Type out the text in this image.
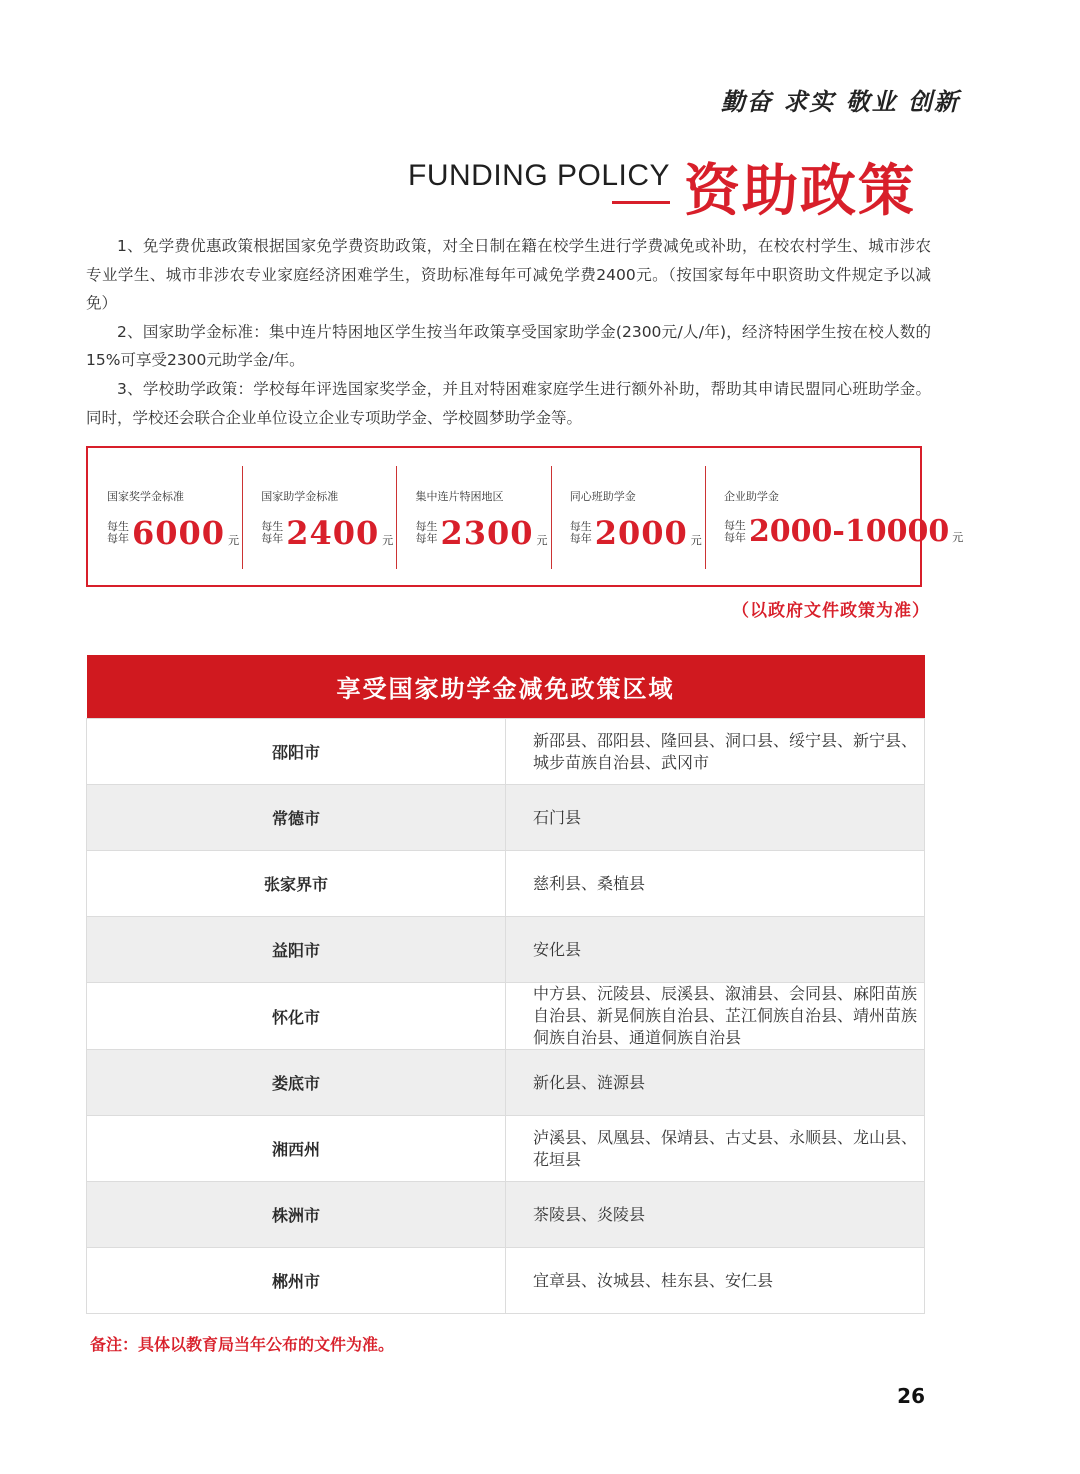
勤奋 求实 敬业 创新
FUNDING POLICY 资助政策

1、免学费优惠政策根据国家免学费资助政策，对全日制在籍在校学生进行学费减免或补助，在校农村学生、城市涉农专业学生、城市非涉农专业家庭经济困难学生，资助标准每年可减免学费2400元。（按国家每年中职资助文件规定予以减免）

2、国家助学金标准：集中连片特困地区学生按当年政策享受国家助学金(2300元/人/年)，经济特困学生按在校人数的15%可享受2300元助学金/年。

3、学校助学政策：学校每年评选国家奖学金，并且对特困难家庭学生进行额外补助，帮助其申请民盟同心班助学金。同时，学校还会联合企业单位设立企业专项助学金、学校圆梦助学金等。

国家奖学金标准
每生
每年 6000 元
国家助学金标准
每生
每年 2400 元
集中连片特困地区
每生
每年 2300 元
同心班助学金
每生
每年 2000 元
企业助学金
每生
每年 2000-10000 元
（以政府文件政策为准）
享受国家助学金减免政策区域	
邵阳市	新邵县、邵阳县、隆回县、洞口县、绥宁县、新宁县、城步苗族自治县、武冈市
常德市	石门县
张家界市	慈利县、桑植县
益阳市	安化县
怀化市	中方县、沅陵县、辰溪县、溆浦县、会同县、麻阳苗族自治县、新晃侗族自治县、芷江侗族自治县、靖州苗族侗族自治县、通道侗族自治县
娄底市	新化县、涟源县
湘西州	泸溪县、凤凰县、保靖县、古丈县、永顺县、龙山县、花垣县
株洲市	茶陵县、炎陵县
郴州市	宜章县、汝城县、桂东县、安仁县
备注：具体以教育局当年公布的文件为准。
26
